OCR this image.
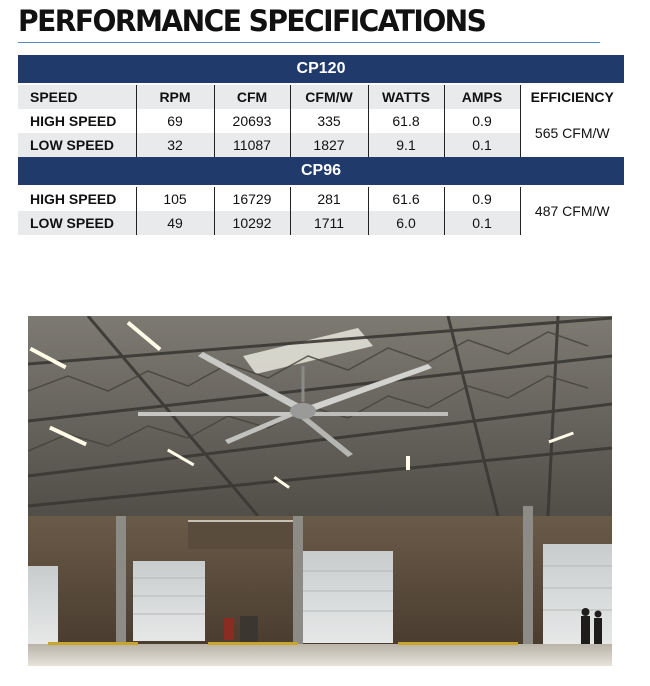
PERFORMANCE SPECIFICATIONS
CP120						
SPEED	RPM	CFM	CFM/W	WATTS	AMPS	EFFICIENCY
HIGH SPEED	69	20693	335	61.8	0.9	565 CFM/W
LOW SPEED	32	11087	1827	9.1	0.1	
CP96						
HIGH SPEED	105	16729	281	61.6	0.9	487 CFM/W
LOW SPEED	49	10292	1711	6.0	0.1	
